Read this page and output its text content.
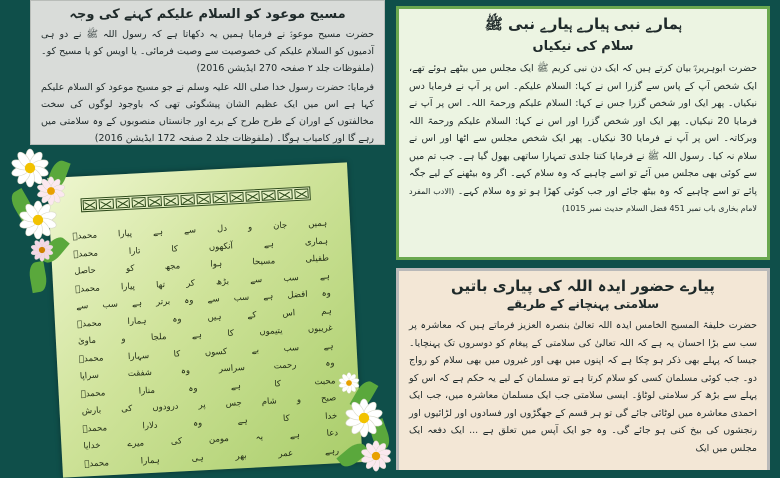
مسیح موعود کو السلام علیکم کہنے کی وجہ

حضرت مسیح موعودؑ نے فرمایا ہمیں یہ دکھاتا ہے کہ رسول اللہ ﷺ نے دو ہی آدمیوں کو السلام علیکم کی خصوصیت سے وصیت فرمائی۔ یا اویس کو یا مسیح کو۔ (ملفوظات جلد ۲ صفحہ 270 ایڈیشن 2016)

فرمایا: حضرت رسول خدا صلی اللہ علیہ وسلم نے جو مسیح موعود کو السلام علیکم کہا ہے اس میں ایک عظیم الشان پیشگوئی تھی کہ باوجود لوگوں کی سخت مخالفتوں کے اوران کے طرح طرح کے برے اور جانستاں منصوبوں کے وہ سلامتی میں رہے گا اور کامیاب ہوگا۔ (ملفوظات جلد 2 صفحہ 172 ایڈیشن 2016)

ہمارے نبی ہیارے ہیارے نبی ﷺ
سلام کی نیکیاں

حضرت ابوہریرہؓ بیان کرتے ہیں کہ ایک دن نبی کریم ﷺ ایک مجلس میں بیٹھے ہوئے تھے، ایک شخص آپ کے پاس سے گزرا اس نے کہا: السلام علیکم۔ اس پر آپ نے فرمایا دس نیکیاں۔ پھر ایک اور شخص گزرا جس نے کہا: السلام علیکم ورحمۃ اللہ۔ اس پر آپ نے فرمایا 20 نیکیاں۔ پھر ایک اور شخص گزرا اور اس نے کہا: السلام علیکم ورحمۃ اللہ وبرکاتہ۔ اس پر آپ نے فرمایا 30 نیکیاں۔ پھر ایک شخص مجلس سے اٹھا اور اس نے سلام نہ کیا۔ رسول اللہ ﷺ نے فرمایا کتنا جلدی تمہارا ساتھی بھول گیا ہے۔ جب تم میں سے کوئی بھی مجلس میں آئے تو اسے چاہیے کہ وہ سلام کہے۔ اگر وہ بیٹھنے کے لیے جگہ پائے تو اسے چاہیے کہ وہ بیٹھ جائے اور جب کوئی کھڑا ہو تو وہ سلام کہے۔ (الادب المفرد لامام بخاری باب نمبر 451 فضل السلام حدیث نمبر 1015)

پیارے حضور ایدہ اللہ کی پیاری باتیں
سلامتی پہنچانے کے طریقے

حضرت خلیفۃ المسیح الخامس ایدہ اللہ تعالیٰ بنصرہ العزیز فرماتے ہیں کہ معاشرہ پر سب سے بڑا احسان یہ ہے کہ اللہ تعالیٰ کی سلامتی کے پیغام کو دوسروں تک پہنچایا۔ جیسا کہ پہلے بھی ذکر ہو چکا ہے کہ اپنوں میں بھی اور غیروں میں بھی سلام کو رواج دو۔ جب کوئی مسلمان کسی کو سلام کرتا ہے تو مسلمان کے لیے یہ حکم ہے کہ اس کو پہلے سے بڑھ کر سلامتی لوٹاؤ۔ ایسی سلامتی جب ایک مسلمان معاشرہ میں، جب ایک احمدی معاشرہ میں لوٹائی جائے گی تو ہر قسم کے جھگڑوں اور فسادوں اور لڑائیوں اور رنجشوں کی بیخ کنی ہو جائے گی۔ وہ جو ایک آپس میں تعلق ہے ... ایک دفعہ ایک مجلس میں ایک

ہمیں
جان
و
دل
سے
ہے
پیارا
محمدؐ	ہماری
ہے
آنکھوں
کا
تارا
محمدؐ	طفیلی
مسیحا
ہوا
مجھ
کو
حاصل	ہے
سب
سے
بڑھ
کر
تھا
پیارا
محمدؐ	وہ
افضل
ہے
سب
سے
وہ
برتر
ہے
سب
سے	ہم
اس
کے
ہیں
وہ
ہمارا
محمدؐ	غریبوں
یتیموں
کا
ہے
ملجا
و
ماویٰ	ہے
سب
بے
کسوں
کا
سہارا
محمدؐ	وہ
رحمت
سراسر
وہ
شفقت
سراپا	محبت
کا
ہے
وہ
منارا
محمدؐ	صبح
و
شام
جس
پر
درودوں
کی
بارش	خدا
کا
ہے
وہ
دلارا
محمدؐ	دعا
ہے
یہ
مومن
کی
میرے
خدایا	رہے
عمر
بھر
ہی
ہمارا
محمدؐ
